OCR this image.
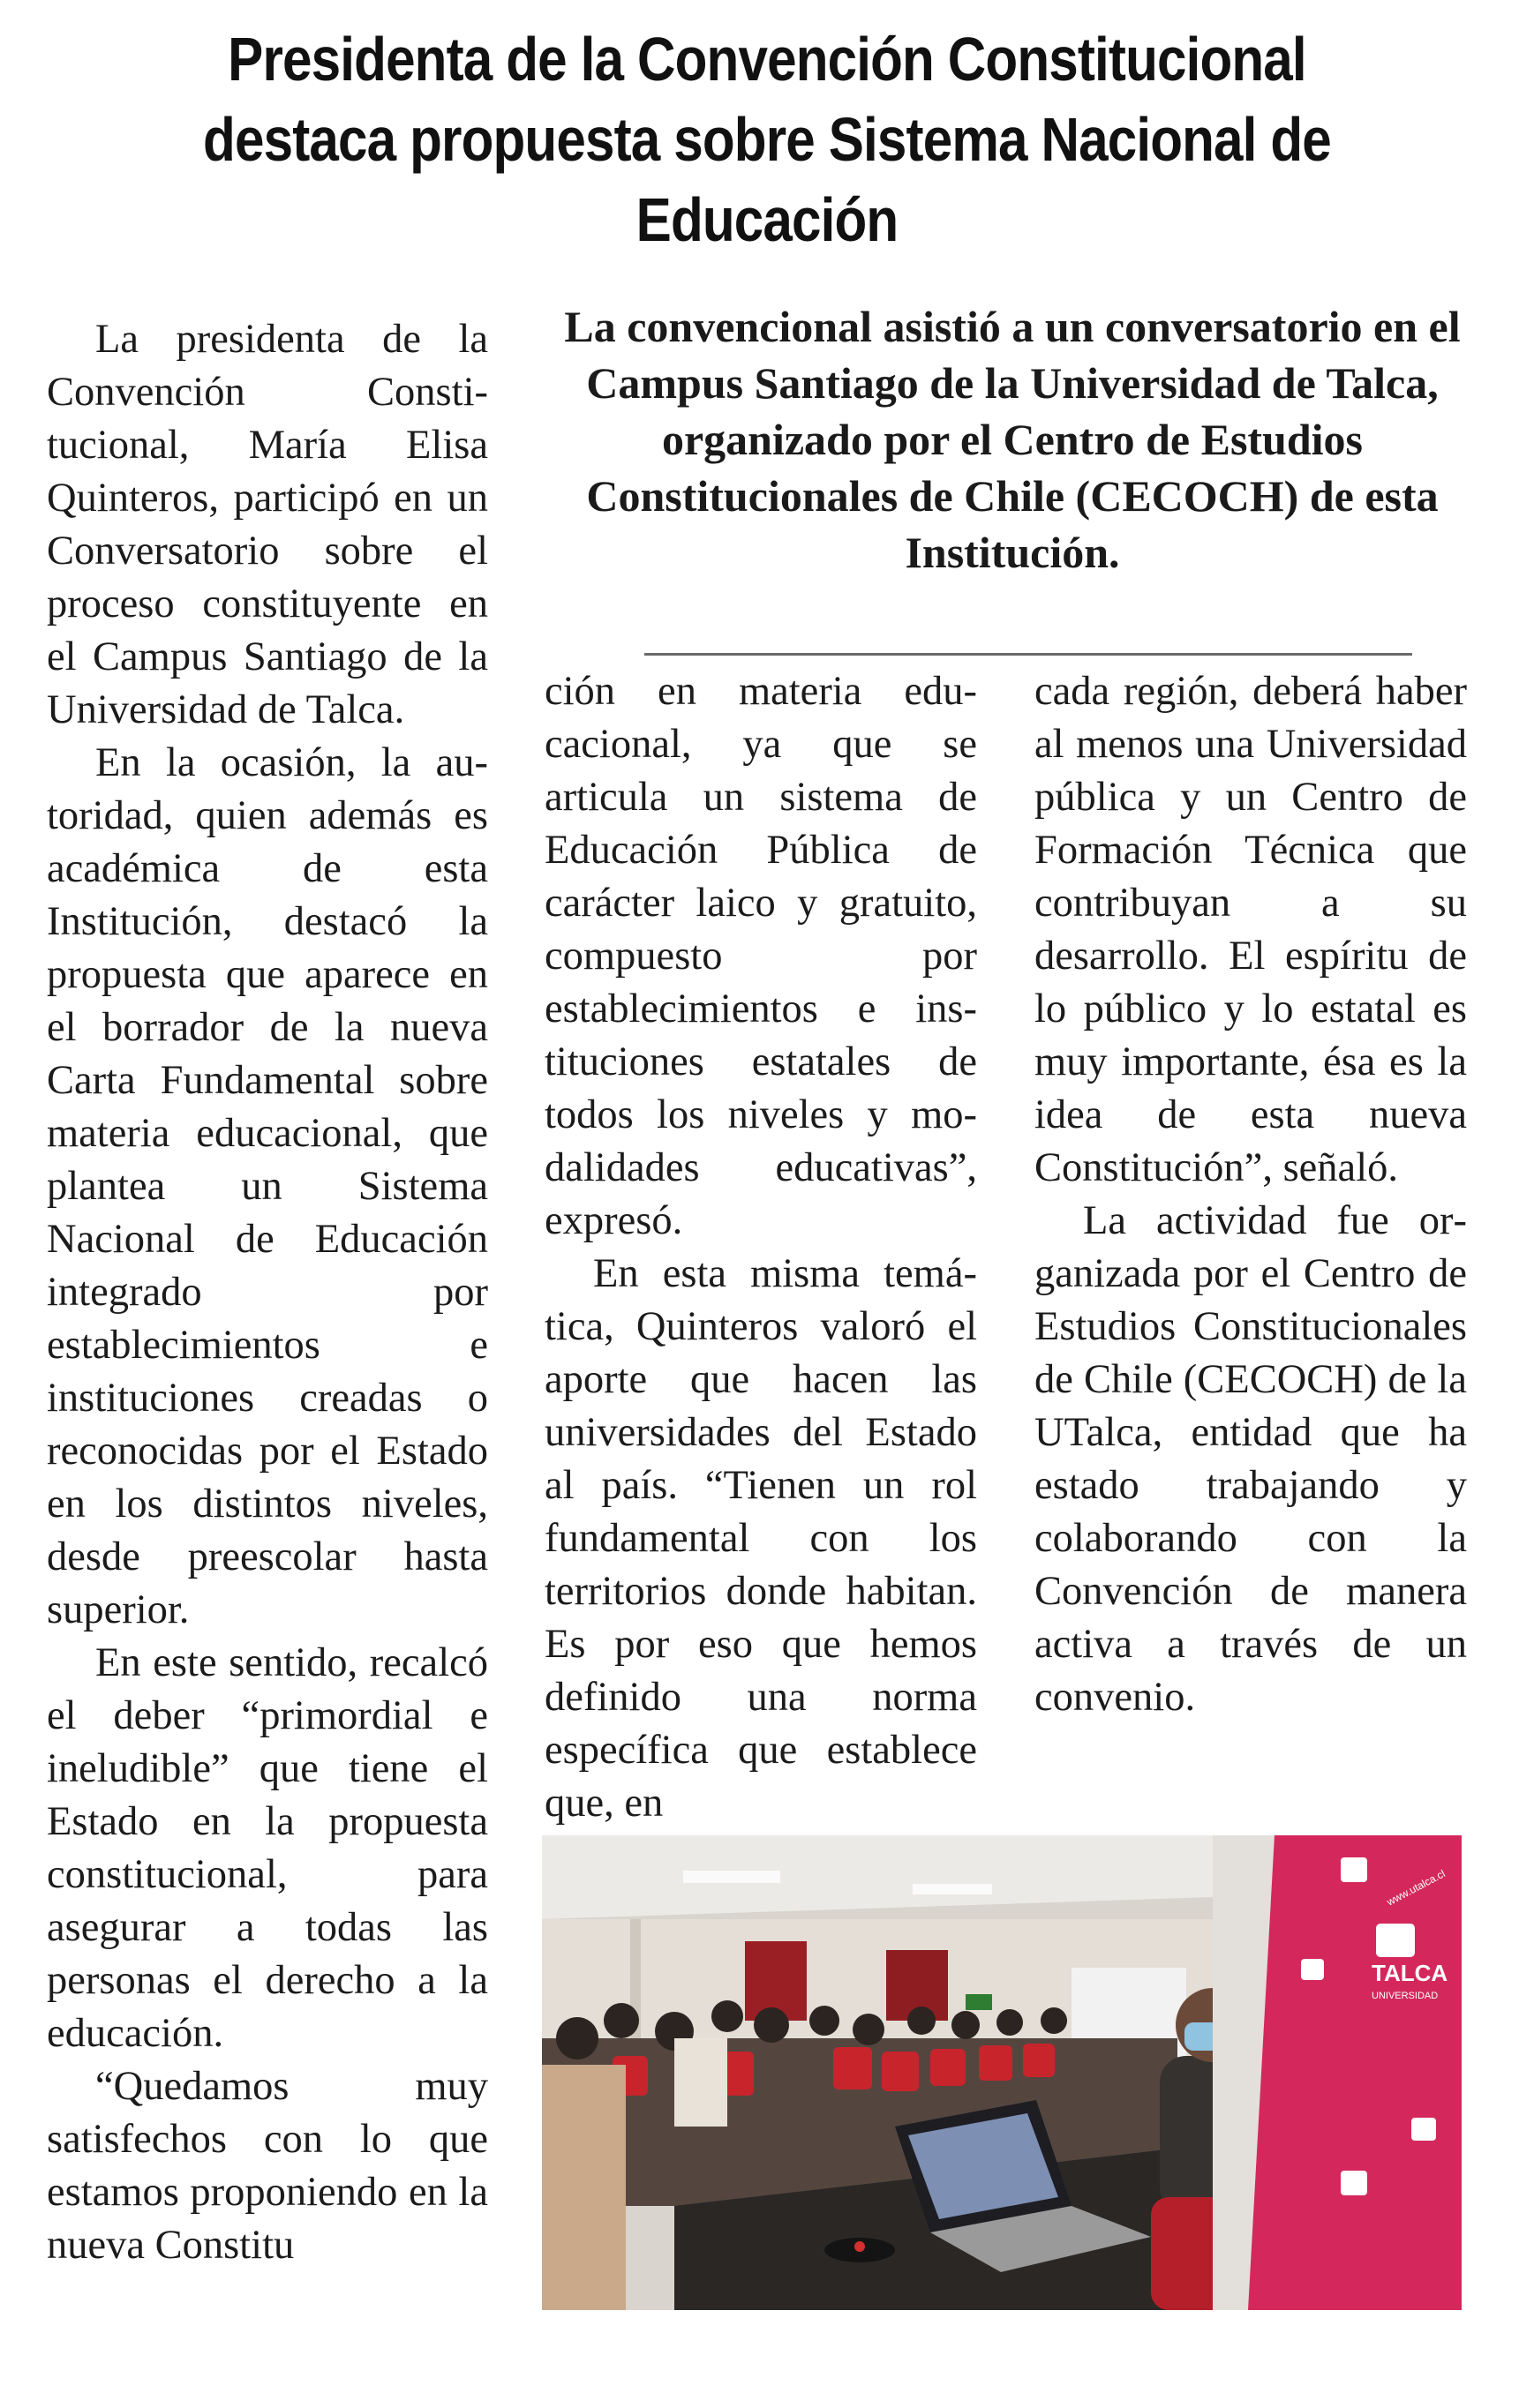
Presidenta de la Convención Constitucional destaca propuesta sobre Sistema Nacional de Educación
La convencional asistió a un conversatorio en el Campus Santiago de la Universidad de Talca, organizado por el Centro de Estudios Constitucionales de Chile (CECOCH) de esta Institución.

La presidenta de la Convención Constitucional, María Elisa Quinteros, participó en un Conversatorio sobre el proceso constituyente en el Campus Santiago de la Universidad de Talca.

En la ocasión, la autoridad, quien además es académica de esta Institución, destacó la propuesta que aparece en el borrador de la nueva Carta Fundamental sobre materia educacional, que plantea un Sistema Nacional de Educación integrado por establecimientos e instituciones creadas o reconocidas por el Estado en los distintos niveles, desde preescolar hasta superior.

En este sentido, recalcó el deber “primordial e ineludible” que tiene el Estado en la propuesta constitucional, para asegurar a todas las personas el derecho a la educación.

“Quedamos muy satisfechos con lo que estamos proponiendo en la nueva Constitu

ción en materia educacional, ya que se articula un sistema de Educación Pública de carácter laico y gratuito, compuesto por establecimientos e instituciones estatales de todos los niveles y modalidades educativas”, expresó.

En esta misma temática, Quinteros valoró el aporte que hacen las universidades del Estado al país. “Tienen un rol fundamental con los territorios donde habitan. Es por eso que hemos definido una norma específica que establece que, en

cada región, deberá haber al menos una Universidad pública y un Centro de Formación Técnica que contribuyan a su desarrollo. El espíritu de lo público y lo estatal es muy importante, ésa es la idea de esta nueva Constitución”, señaló.

La actividad fue organizada por el Centro de Estudios Constitucionales de Chile (CECOCH) de la UTalca, entidad que ha estado trabajando y colaborando con la Convención de manera activa a través de un convenio.

TALCA
UNIVERSIDAD
www.utalca.cl
